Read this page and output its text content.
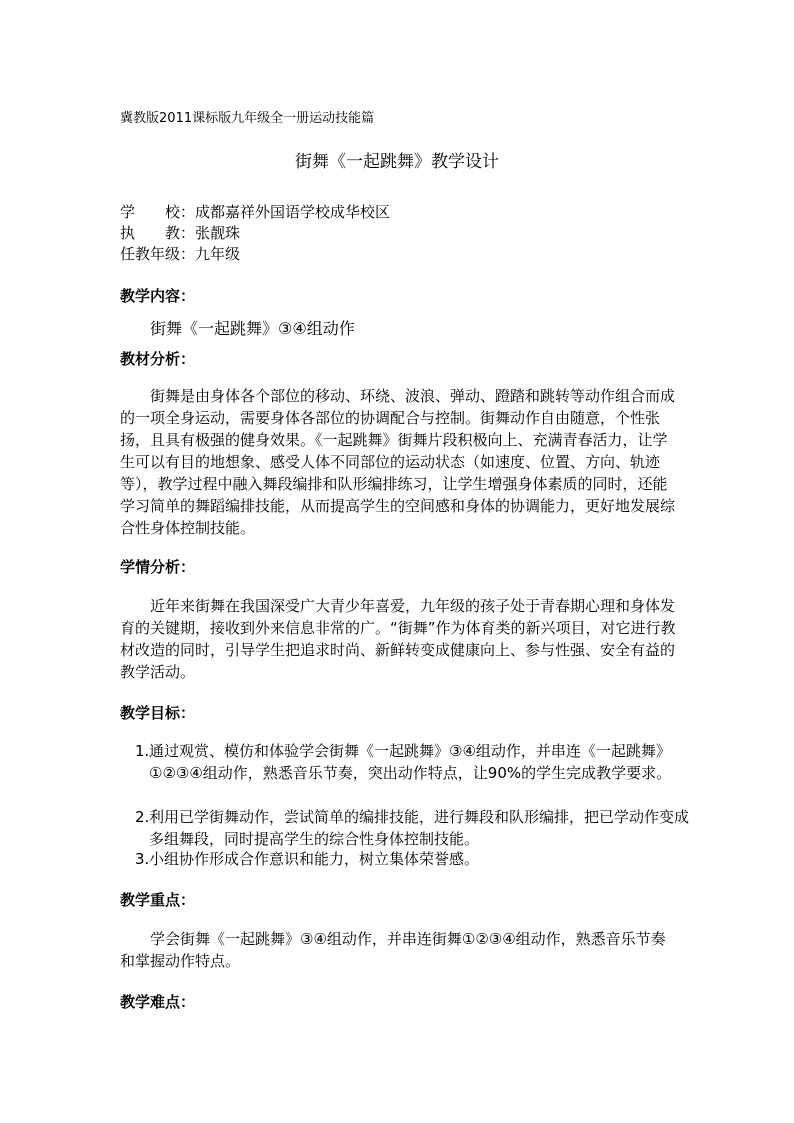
冀教版2011课标版九年级全一册运动技能篇
街舞《一起跳舞》教学设计
学　　校：成都嘉祥外国语学校成华校区
执　　教：张靓珠
任教年级：九年级
教学内容：
街舞《一起跳舞》③④组动作
教材分析：
街舞是由身体各个部位的移动、环绕、波浪、弹动、蹬踏和跳转等动作组合而成的一项全身运动，需要身体各部位的协调配合与控制。街舞动作自由随意，个性张扬，且具有极强的健身效果。《一起跳舞》街舞片段积极向上、充满青春活力，让学生可以有目的地想象、感受人体不同部位的运动状态（如速度、位置、方向、轨迹等），教学过程中融入舞段编排和队形编排练习，让学生增强身体素质的同时，还能学习简单的舞蹈编排技能，从而提高学生的空间感和身体的协调能力，更好地发展综合性身体控制技能。
学情分析：
近年来街舞在我国深受广大青少年喜爱，九年级的孩子处于青春期心理和身体发育的关键期，接收到外来信息非常的广。“街舞”作为体育类的新兴项目，对它进行教材改造的同时，引导学生把追求时尚、新鲜转变成健康向上、参与性强、安全有益的教学活动。
教学目标：
1.通过观赏、模仿和体验学会街舞《一起跳舞》③④组动作，并串连《一起跳舞》①②③④组动作，熟悉音乐节奏，突出动作特点，让90%的学生完成教学要求。
2.利用已学街舞动作，尝试简单的编排技能，进行舞段和队形编排，把已学动作变成多组舞段，同时提高学生的综合性身体控制技能。
3.小组协作形成合作意识和能力，树立集体荣誉感。
教学重点：
学会街舞《一起跳舞》③④组动作，并串连街舞①②③④组动作，熟悉音乐节奏和掌握动作特点。
教学难点：
